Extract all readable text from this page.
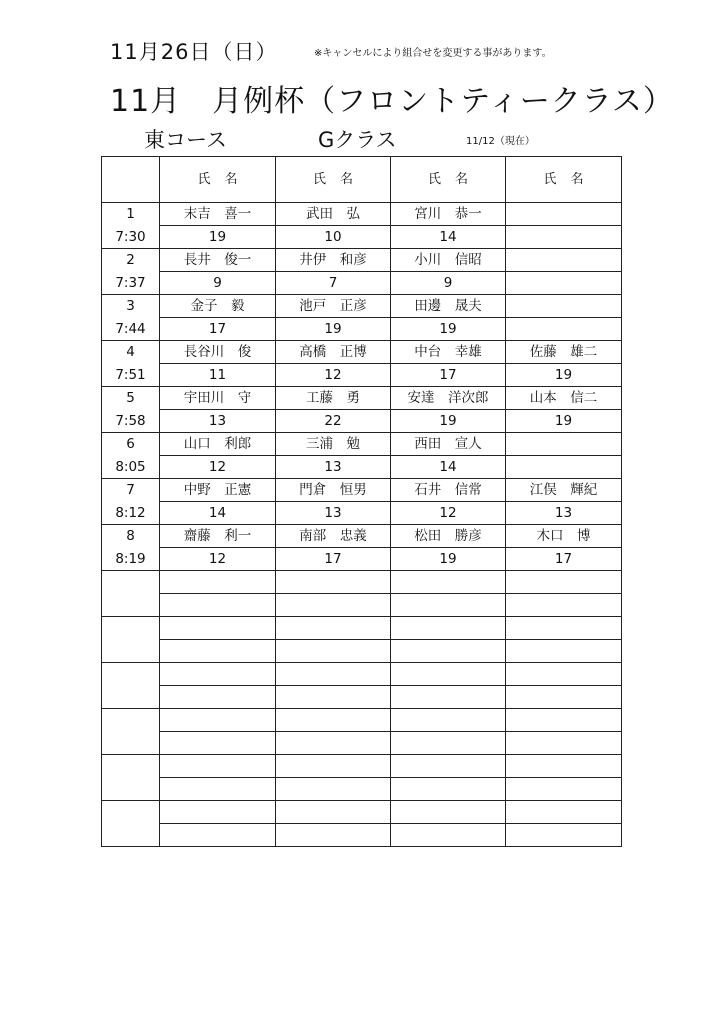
11月26日（日）	※キャンセルにより組合せを変更する事があります。
11月　月例杯（フロントティークラス）
東コース	Gクラス	11/12（現在）
	氏名	氏名	氏名	氏名
1	末吉　喜一	武田　弘	宮川　恭一	
7:30	19	10	14	
2	長井　俊一	井伊　和彦	小川　信昭	
7:37	9	7	9	
3	金子　毅	池戸　正彦	田邊　晟夫	
7:44	17	19	19	
4	長谷川　俊	高橋　正博	中台　幸雄	佐藤　雄二
7:51	11	12	17	19
5	宇田川　守	工藤　勇	安達　洋次郎	山本　信二
7:58	13	22	19	19
6	山口　利郎	三浦　勉	西田　宣人	
8:05	12	13	14	
7	中野　正憲	門倉　恒男	石井　信常	江俣　輝紀
8:12	14	13	12	13
8	齋藤　利一	南部　忠義	松田　勝彦	木口　博
8:19	12	17	19	17
